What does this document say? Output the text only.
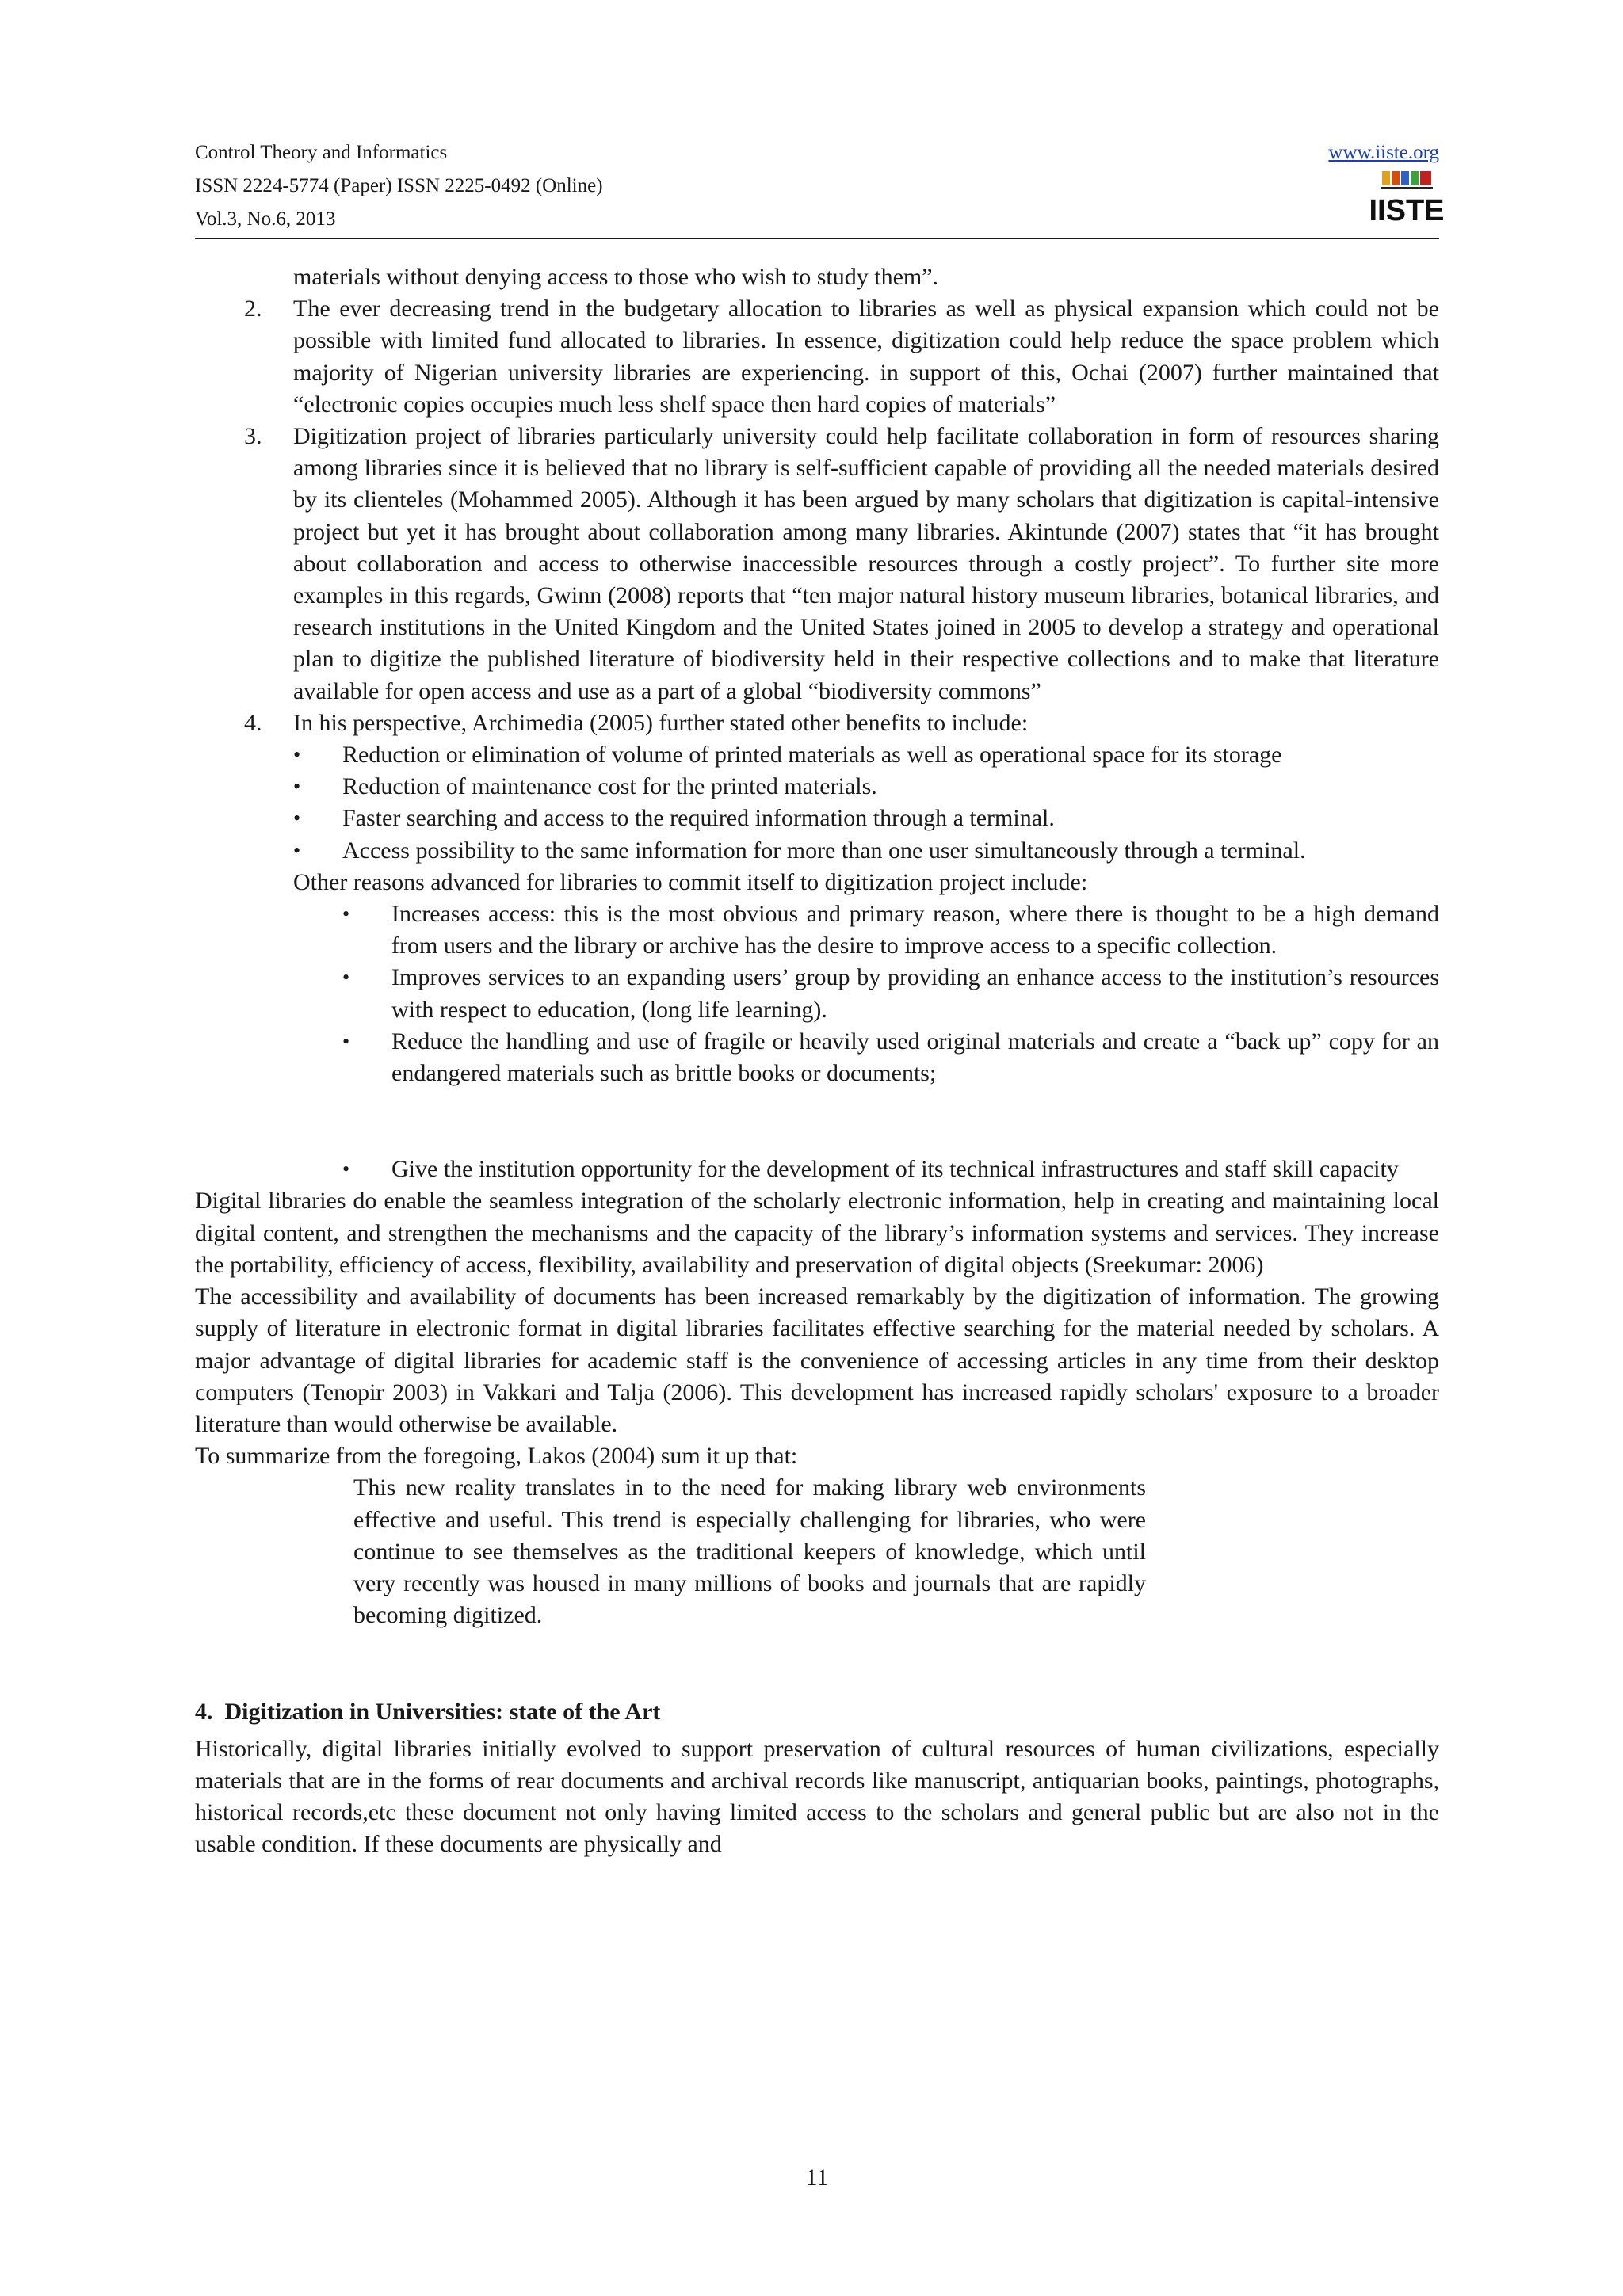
Control Theory and Informatics
ISSN 2224-5774 (Paper) ISSN 2225-0492 (Online)
Vol.3, No.6, 2013
www.iiste.org
IISTE

materials without denying access to those who wish to study them”.

2. The ever decreasing trend in the budgetary allocation to libraries as well as physical expansion which could not be possible with limited fund allocated to libraries. In essence, digitization could help reduce the space problem which majority of Nigerian university libraries are experiencing. in support of this, Ochai (2007) further maintained that “electronic copies occupies much less shelf space then hard copies of materials”

3. Digitization project of libraries particularly university could help facilitate collaboration in form of resources sharing among libraries since it is believed that no library is self-sufficient capable of providing all the needed materials desired by its clienteles (Mohammed 2005). Although it has been argued by many scholars that digitization is capital-intensive project but yet it has brought about collaboration among many libraries. Akintunde (2007) states that “it has brought about collaboration and access to otherwise inaccessible resources through a costly project”. To further site more examples in this regards, Gwinn (2008) reports that “ten major natural history museum libraries, botanical libraries, and research institutions in the United Kingdom and the United States joined in 2005 to develop a strategy and operational plan to digitize the published literature of biodiversity held in their respective collections and to make that literature available for open access and use as a part of a global “biodiversity commons”

4. In his perspective, Archimedia (2005) further stated other benefits to include:

• Reduction or elimination of volume of printed materials as well as operational space for its storage

• Reduction of maintenance cost for the printed materials.

• Faster searching and access to the required information through a terminal.

• Access possibility to the same information for more than one user simultaneously through a terminal.

Other reasons advanced for libraries to commit itself to digitization project include:

• Increases access: this is the most obvious and primary reason, where there is thought to be a high demand from users and the library or archive has the desire to improve access to a specific collection.

• Improves services to an expanding users’ group by providing an enhance access to the institution’s resources with respect to education, (long life learning).

• Reduce the handling and use of fragile or heavily used original materials and create a “back up” copy for an endangered materials such as brittle books or documents;

• Give the institution opportunity for the development of its technical infrastructures and staff skill capacity

Digital libraries do enable the seamless integration of the scholarly electronic information, help in creating and maintaining local digital content, and strengthen the mechanisms and the capacity of the library’s information systems and services. They increase the portability, efficiency of access, flexibility, availability and preservation of digital objects (Sreekumar: 2006)

The accessibility and availability of documents has been increased remarkably by the digitization of information. The growing supply of literature in electronic format in digital libraries facilitates effective searching for the material needed by scholars. A major advantage of digital libraries for academic staff is the convenience of accessing articles in any time from their desktop computers (Tenopir 2003) in Vakkari and Talja (2006). This development has increased rapidly scholars' exposure to a broader literature than would otherwise be available.

To summarize from the foregoing, Lakos (2004) sum it up that:

This new reality translates in to the need for making library web environments effective and useful. This trend is especially challenging for libraries, who were continue to see themselves as the traditional keepers of knowledge, which until very recently was housed in many millions of books and journals that are rapidly becoming digitized.

4. Digitization in Universities: state of the Art

Historically, digital libraries initially evolved to support preservation of cultural resources of human civilizations, especially materials that are in the forms of rear documents and archival records like manuscript, antiquarian books, paintings, photographs, historical records,etc these document not only having limited access to the scholars and general public but are also not in the usable condition. If these documents are physically and

11
